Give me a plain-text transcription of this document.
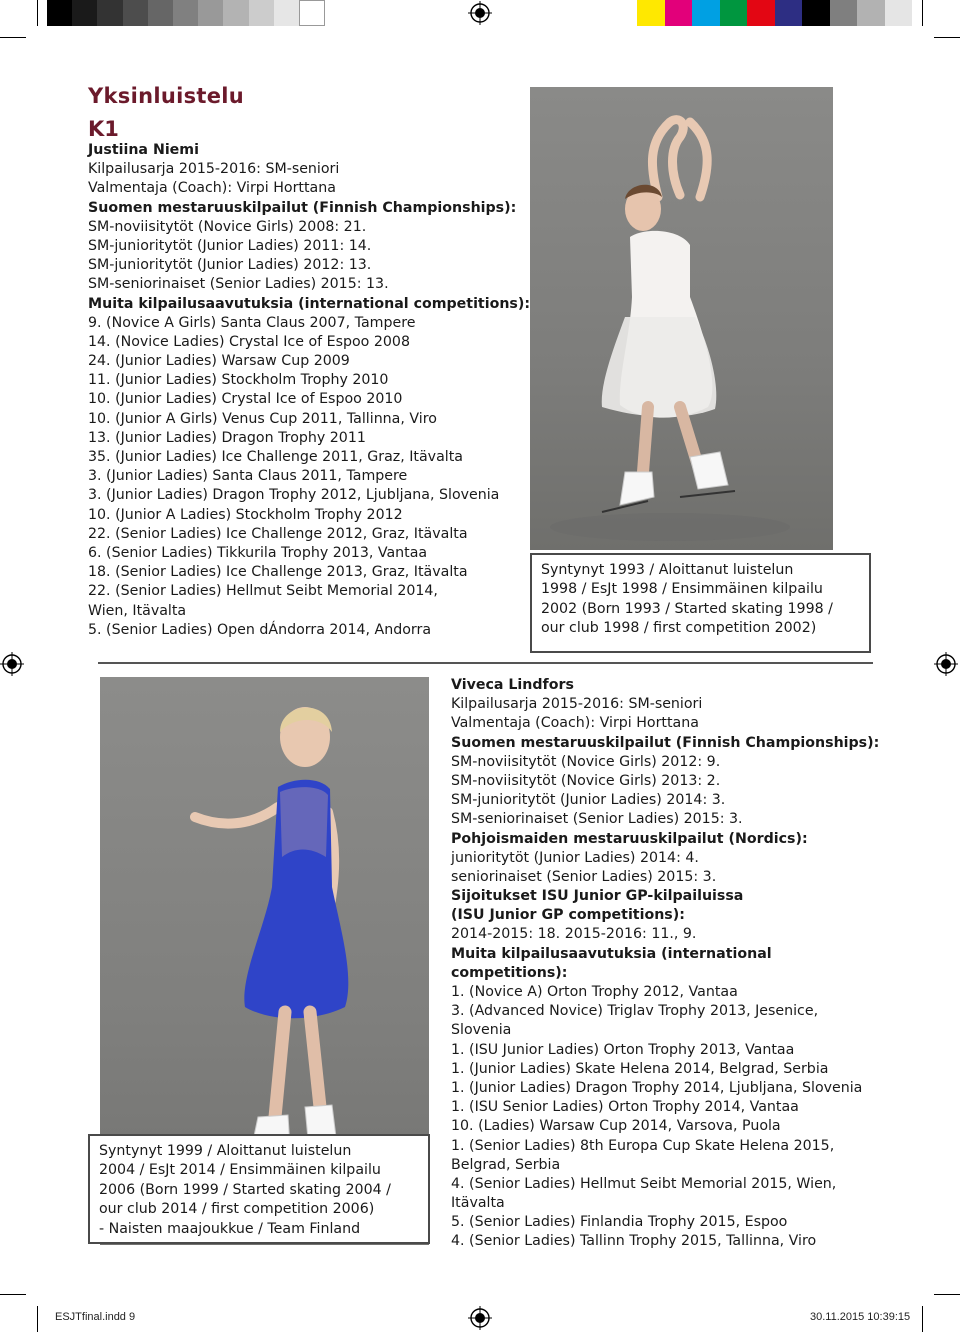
Yksinluistelu
K1
Justiina Niemi
Kilpailusarja 2015-2016: SM-seniori
Valmentaja (Coach): Virpi Horttana
Suomen mestaruuskilpailut (Finnish Championships):
SM-noviisitytöt (Novice Girls) 2008: 21.
SM-junioritytöt (Junior Ladies) 2011: 14.
SM-junioritytöt (Junior Ladies) 2012: 13.
SM-seniorinaiset (Senior Ladies) 2015: 13.
Muita kilpailusaavutuksia (international competitions):
9. (Novice A Girls) Santa Claus 2007, Tampere
14. (Novice Ladies) Crystal Ice of Espoo 2008
24. (Junior Ladies) Warsaw Cup 2009
11. (Junior Ladies) Stockholm Trophy 2010
10. (Junior Ladies) Crystal Ice of Espoo 2010
10. (Junior A Girls) Venus Cup 2011, Tallinna, Viro
13. (Junior Ladies) Dragon Trophy 2011
35. (Junior Ladies) Ice Challenge 2011, Graz, Itävalta
3. (Junior Ladies) Santa Claus 2011, Tampere
3. (Junior Ladies) Dragon Trophy 2012, Ljubljana, Slovenia
10. (Junior A Ladies) Stockholm Trophy 2012
22. (Senior Ladies) Ice Challenge 2012, Graz, Itävalta
6. (Senior Ladies) Tikkurila Trophy 2013, Vantaa
18. (Senior Ladies) Ice Challenge 2013, Graz, Itävalta
22. (Senior Ladies) Hellmut Seibt Memorial 2014,
Wien, Itävalta
5. (Senior Ladies) Open dÁndorra 2014, Andorra
Syntynyt 1993 / Aloittanut luistelun
1998 / EsJt 1998 / Ensimmäinen kilpailu
2002 (Born 1993 / Started skating 1998 /
our club 1998 / first competition 2002)
Syntynyt 1999 / Aloittanut luistelun
2004 / EsJt 2014 / Ensimmäinen kilpailu
2006 (Born 1999 / Started skating 2004 /
our club 2014 / first competition 2006)
- Naisten maajoukkue / Team Finland
Viveca Lindfors
Kilpailusarja 2015-2016: SM-seniori
Valmentaja (Coach): Virpi Horttana
Suomen mestaruuskilpailut (Finnish Championships):
SM-noviisitytöt (Novice Girls) 2012: 9.
SM-noviisitytöt (Novice Girls) 2013: 2.
SM-junioritytöt (Junior Ladies) 2014: 3.
SM-seniorinaiset (Senior Ladies) 2015: 3.
Pohjoismaiden mestaruuskilpailut (Nordics):
junioritytöt (Junior Ladies) 2014: 4.
seniorinaiset (Senior Ladies) 2015: 3.
Sijoitukset ISU Junior GP-kilpailuissa
(ISU Junior GP competitions):
2014-2015: 18. 2015-2016: 11., 9.
Muita kilpailusaavutuksia (international
competitions):
1. (Novice A) Orton Trophy 2012, Vantaa
3. (Advanced Novice) Triglav Trophy 2013, Jesenice,
Slovenia
1. (ISU Junior Ladies) Orton Trophy 2013, Vantaa
1. (Junior Ladies) Skate Helena 2014, Belgrad, Serbia
1. (Junior Ladies) Dragon Trophy 2014, Ljubljana, Slovenia
1. (ISU Senior Ladies) Orton Trophy 2014, Vantaa
10. (Ladies) Warsaw Cup 2014, Varsova, Puola
1. (Senior Ladies) 8th Europa Cup Skate Helena 2015,
Belgrad, Serbia
4. (Senior Ladies) Hellmut Seibt Memorial 2015, Wien,
Itävalta
5. (Senior Ladies) Finlandia Trophy 2015, Espoo
4. (Senior Ladies) Tallinn Trophy 2015, Tallinna, Viro
ESJTfinal.indd 9	30.11.2015 10:39:15
